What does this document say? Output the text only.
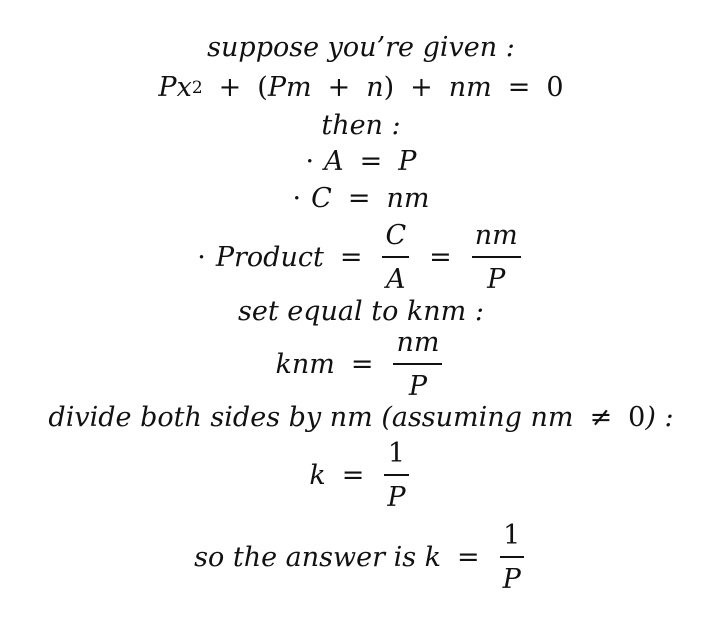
suppose you’re given :
P x 2 + ( Pm + n ) + nm = 0
then :
· A = P
· C = nm
· Product = $\frac{C}{A} = \frac{nm}{P}$
set equal to knm :
knm = $\frac{nm}{P}$
divide both sides by nm (assuming nm ≠ 0 ) :
$k = \frac{1}{P}$
so the answer is $k = \frac{1}{P}$
